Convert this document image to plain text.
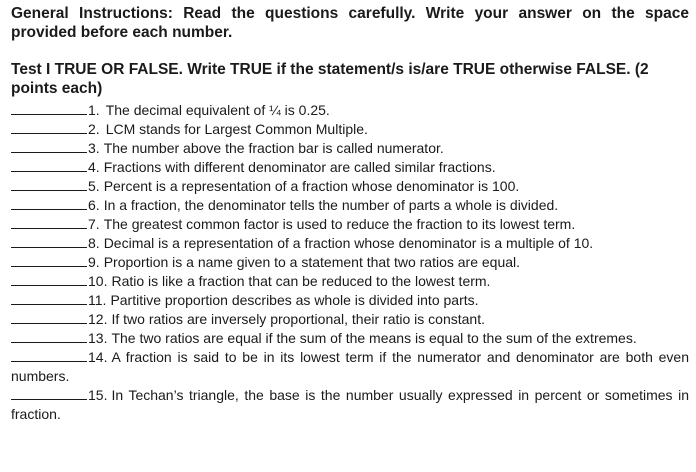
General Instructions: Read the questions carefully. Write your answer on the space provided before each number.

Test I TRUE OR FALSE. Write TRUE if the statement/s is/are TRUE otherwise FALSE. (2 points each)

1. The decimal equivalent of ¼ is 0.25.
2. LCM stands for Largest Common Multiple.
3. The number above the fraction bar is called numerator.
4. Fractions with different denominator are called similar fractions.
5. Percent is a representation of a fraction whose denominator is 100.
6. In a fraction, the denominator tells the number of parts a whole is divided.
7. The greatest common factor is used to reduce the fraction to its lowest term.
8. Decimal is a representation of a fraction whose denominator is a multiple of 10.
9. Proportion is a name given to a statement that two ratios are equal.
10. Ratio is like a fraction that can be reduced to the lowest term.
11. Partitive proportion describes as whole is divided into parts.
12. If two ratios are inversely proportional, their ratio is constant.
13. The two ratios are equal if the sum of the means is equal to the sum of the extremes.
14. A fraction is said to be in its lowest term if the numerator and denominator are both even numbers.
15. In Techan’s triangle, the base is the number usually expressed in percent or sometimes in fraction.
